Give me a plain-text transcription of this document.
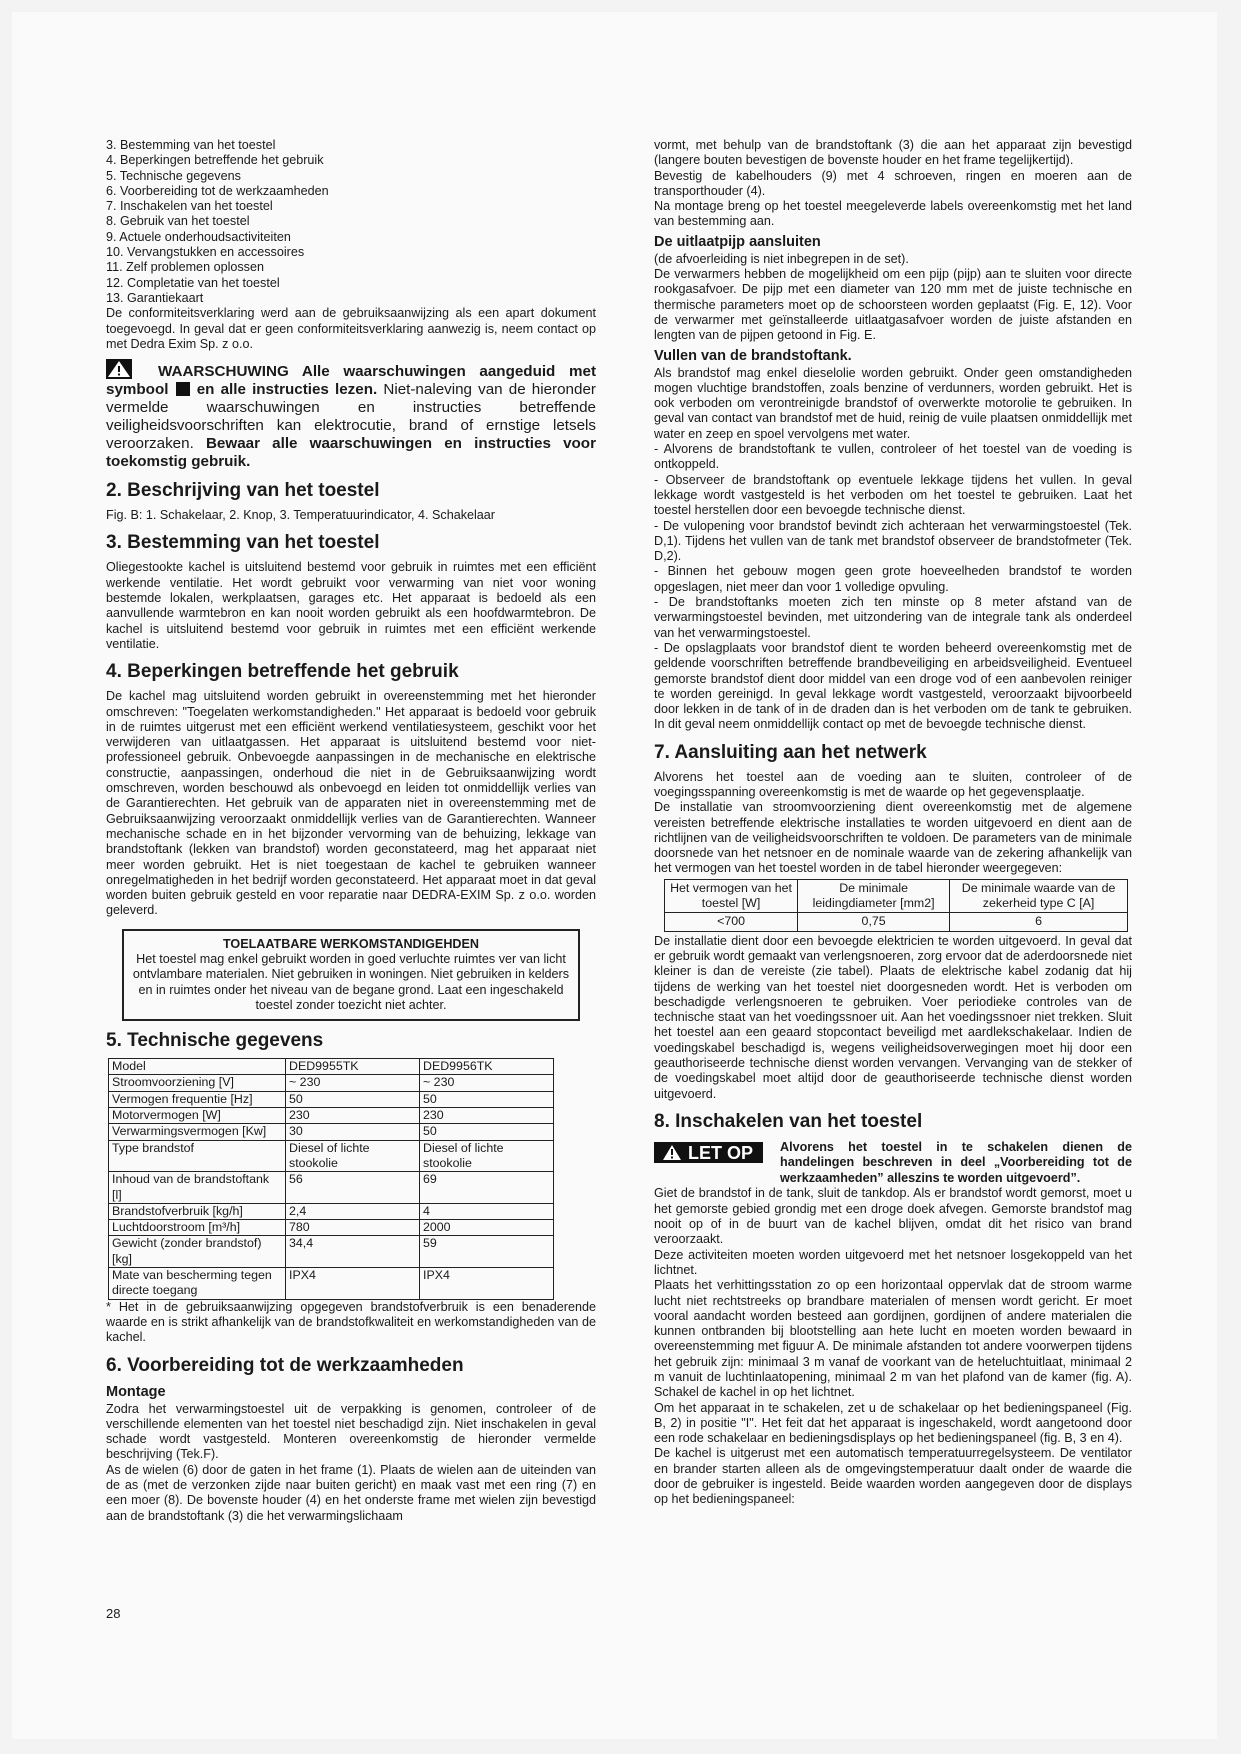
3. Bestemming van het toestel

4. Beperkingen betreffende het gebruik

5. Technische gegevens

6. Voorbereiding tot de werkzaamheden

7. Inschakelen van het toestel

8. Gebruik van het toestel

9. Actuele onderhoudsactiviteiten

10. Vervangstukken en accessoires

11. Zelf problemen oplossen

12. Completatie van het toestel

13. Garantiekaart

De conformiteitsverklaring werd aan de gebruiksaanwijzing als een apart dokument toegevoegd. In geval dat er geen conformiteitsverklaring aanwezig is, neem contact op met Dedra Exim Sp. z o.o.

WAARSCHUWING Alle waarschuwingen aangeduid met symbool en alle instructies lezen. Niet-naleving van de hieronder vermelde waarschuwingen en instructies betreffende veiligheidsvoorschriften kan elektrocutie, brand of ernstige letsels veroorzaken. Bewaar alle waarschuwingen en instructies voor toekomstig gebruik.
2. Beschrijving van het toestel

Fig. B: 1. Schakelaar, 2. Knop, 3. Temperatuurindicator, 4. Schakelaar

3. Bestemming van het toestel

Oliegestookte kachel is uitsluitend bestemd voor gebruik in ruimtes met een efficiënt werkende ventilatie. Het wordt gebruikt voor verwarming van niet voor woning bestemde lokalen, werkplaatsen, garages etc. Het apparaat is bedoeld als een aanvullende warmtebron en kan nooit worden gebruikt als een hoofdwarmtebron. De kachel is uitsluitend bestemd voor gebruik in ruimtes met een efficiënt werkende ventilatie.

4. Beperkingen betreffende het gebruik

De kachel mag uitsluitend worden gebruikt in overeenstemming met het hieronder omschreven: "Toegelaten werkomstandigheden." Het apparaat is bedoeld voor gebruik in de ruimtes uitgerust met een efficiënt werkend ventilatiesysteem, geschikt voor het verwijderen van uitlaatgassen. Het apparaat is uitsluitend bestemd voor niet-professioneel gebruik. Onbevoegde aanpassingen in de mechanische en elektrische constructie, aanpassingen, onderhoud die niet in de Gebruiksaanwijzing wordt omschreven, worden beschouwd als onbevoegd en leiden tot onmiddellijk verlies van de Garantierechten. Het gebruik van de apparaten niet in overeenstemming met de Gebruiksaanwijzing veroorzaakt onmiddellijk verlies van de Garantierechten. Wanneer mechanische schade en in het bijzonder vervorming van de behuizing, lekkage van brandstoftank (lekken van brandstof) worden geconstateerd, mag het apparaat niet meer worden gebruikt. Het is niet toegestaan de kachel te gebruiken wanneer onregelmatigheden in het bedrijf worden geconstateerd. Het apparaat moet in dat geval worden buiten gebruik gesteld en voor reparatie naar DEDRA-EXIM Sp. z o.o. worden geleverd.

TOELAATBARE WERKOMSTANDIGEHDEN
Het toestel mag enkel gebruikt worden in goed verluchte ruimtes ver van licht ontvlambare materialen. Niet gebruiken in woningen. Niet gebruiken in kelders en in ruimtes onder het niveau van de begane grond. Laat een ingeschakeld toestel zonder toezicht niet achter.
5. Technische gegevens
Model	DED9955TK	DED9956TK
Stroomvoorziening [V]	~ 230	~ 230
Vermogen frequentie [Hz]	50	50
Motorvermogen [W]	230	230
Verwarmingsvermogen [Kw]	30	50
Type brandstof	Diesel of lichte stookolie	Diesel of lichte stookolie
Inhoud van de brandstoftank [l]	56	69
Brandstofverbruik [kg/h]	2,4	4
Luchtdoorstroom [m³/h]	780	2000
Gewicht (zonder brandstof) [kg]	34,4	59
Mate van bescherming tegen directe toegang	IPX4	IPX4

* Het in de gebruiksaanwijzing opgegeven brandstofverbruik is een benaderende waarde en is strikt afhankelijk van de brandstofkwaliteit en werkomstandigheden van de kachel.

6. Voorbereiding tot de werkzaamheden
Montage

Zodra het verwarmingstoestel uit de verpakking is genomen, controleer of de verschillende elementen van het toestel niet beschadigd zijn. Niet inschakelen in geval schade wordt vastgesteld. Monteren overeenkomstig de hieronder vermelde beschrijving (Tek.F).

As de wielen (6) door de gaten in het frame (1). Plaats de wielen aan de uiteinden van de as (met de verzonken zijde naar buiten gericht) en maak vast met een ring (7) en een moer (8). De bovenste houder (4) en het onderste frame met wielen zijn bevestigd aan de brandstoftank (3) die het verwarmingslichaam

vormt, met behulp van de brandstoftank (3) die aan het apparaat zijn bevestigd (langere bouten bevestigen de bovenste houder en het frame tegelijkertijd).

Bevestig de kabelhouders (9) met 4 schroeven, ringen en moeren aan de transporthouder (4).

Na montage breng op het toestel meegeleverde labels overeenkomstig met het land van bestemming aan.

De uitlaatpijp aansluiten

(de afvoerleiding is niet inbegrepen in de set).

De verwarmers hebben de mogelijkheid om een pijp (pijp) aan te sluiten voor directe rookgasafvoer. De pijp met een diameter van 120 mm met de juiste technische en thermische parameters moet op de schoorsteen worden geplaatst (Fig. E, 12). Voor de verwarmer met geïnstalleerde uitlaatgasafvoer worden de juiste afstanden en lengten van de pijpen getoond in Fig. E.

Vullen van de brandstoftank.

Als brandstof mag enkel dieselolie worden gebruikt. Onder geen omstandigheden mogen vluchtige brandstoffen, zoals benzine of verdunners, worden gebruikt. Het is ook verboden om verontreinigde brandstof of overwerkte motorolie te gebruiken. In geval van contact van brandstof met de huid, reinig de vuile plaatsen onmiddellijk met water en zeep en spoel vervolgens met water.

- Alvorens de brandstoftank te vullen, controleer of het toestel van de voeding is ontkoppeld.

- Observeer de brandstoftank op eventuele lekkage tijdens het vullen. In geval lekkage wordt vastgesteld is het verboden om het toestel te gebruiken. Laat het toestel herstellen door een bevoegde technische dienst.

- De vulopening voor brandstof bevindt zich achteraan het verwarmingstoestel (Tek. D,1). Tijdens het vullen van de tank met brandstof observeer de brandstofmeter (Tek. D,2).

- Binnen het gebouw mogen geen grote hoeveelheden brandstof te worden opgeslagen, niet meer dan voor 1 volledige opvuling.

- De brandstoftanks moeten zich ten minste op 8 meter afstand van de verwarmingstoestel bevinden, met uitzondering van de integrale tank als onderdeel van het verwarmingstoestel.

- De opslagplaats voor brandstof dient te worden beheerd overeenkomstig met de geldende voorschriften betreffende brandbeveiliging en arbeidsveiligheid. Eventueel gemorste brandstof dient door middel van een droge vod of een aanbevolen reiniger te worden gereinigd. In geval lekkage wordt vastgesteld, veroorzaakt bijvoorbeeld door lekken in de tank of in de draden dan is het verboden om de tank te gebruiken. In dit geval neem onmiddellijk contact op met de bevoegde technische dienst.

7. Aansluiting aan het netwerk

Alvorens het toestel aan de voeding aan te sluiten, controleer of de voegingsspanning overeenkomstig is met de waarde op het gegevensplaatje.

De installatie van stroomvoorziening dient overeenkomstig met de algemene vereisten betreffende elektrische installaties te worden uitgevoerd en dient aan de richtlijnen van de veiligheidsvoorschriften te voldoen. De parameters van de minimale doorsnede van het netsnoer en de nominale waarde van de zekering afhankelijk van het vermogen van het toestel worden in de tabel hieronder weergegeven:

Het vermogen van het toestel [W]	De minimale leidingdiameter [mm2]	De minimale waarde van de zekerheid type C [A]
<700	0,75	6

De installatie dient door een bevoegde elektricien te worden uitgevoerd. In geval dat er gebruik wordt gemaakt van verlengsnoeren, zorg ervoor dat de aderdoorsnede niet kleiner is dan de vereiste (zie tabel). Plaats de elektrische kabel zodanig dat hij tijdens de werking van het toestel niet doorgesneden wordt. Het is verboden om beschadigde verlengsnoeren te gebruiken. Voer periodieke controles van de technische staat van het voedingssnoer uit. Aan het voedingssnoer niet trekken. Sluit het toestel aan een geaard stopcontact beveiligd met aardlekschakelaar. Indien de voedingskabel beschadigd is, wegens veiligheidsoverwegingen moet hij door een geauthoriseerde technische dienst worden vervangen. Vervanging van de stekker of de voedingskabel moet altijd door de geauthoriseerde technische dienst worden uitgevoerd.

8. Inschakelen van het toestel
LET OP	Alvorens het toestel in te schakelen dienen de handelingen beschreven in deel „Voorbereiding tot de werkzaamheden” alleszins te worden uitgevoerd”.

Giet de brandstof in de tank, sluit de tankdop. Als er brandstof wordt gemorst, moet u het gemorste gebied grondig met een droge doek afvegen. Gemorste brandstof mag nooit op of in de buurt van de kachel blijven, omdat dit het risico van brand veroorzaakt.

Deze activiteiten moeten worden uitgevoerd met het netsnoer losgekoppeld van het lichtnet.

Plaats het verhittingsstation zo op een horizontaal oppervlak dat de stroom warme lucht niet rechtstreeks op brandbare materialen of mensen wordt gericht. Er moet vooral aandacht worden besteed aan gordijnen, gordijnen of andere materialen die kunnen ontbranden bij blootstelling aan hete lucht en moeten worden bewaard in overeenstemming met figuur A. De minimale afstanden tot andere voorwerpen tijdens het gebruik zijn: minimaal 3 m vanaf de voorkant van de heteluchtuitlaat, minimaal 2 m vanuit de luchtinlaatopening, minimaal 2 m van het plafond van de kamer (fig. A). Schakel de kachel in op het lichtnet.

Om het apparaat in te schakelen, zet u de schakelaar op het bedieningspaneel (Fig. B, 2) in positie "I". Het feit dat het apparaat is ingeschakeld, wordt aangetoond door een rode schakelaar en bedieningsdisplays op het bedieningspaneel (fig. B, 3 en 4).

De kachel is uitgerust met een automatisch temperatuurregelsysteem. De ventilator en brander starten alleen als de omgevingstemperatuur daalt onder de waarde die door de gebruiker is ingesteld. Beide waarden worden aangegeven door de displays op het bedieningspaneel:

28
